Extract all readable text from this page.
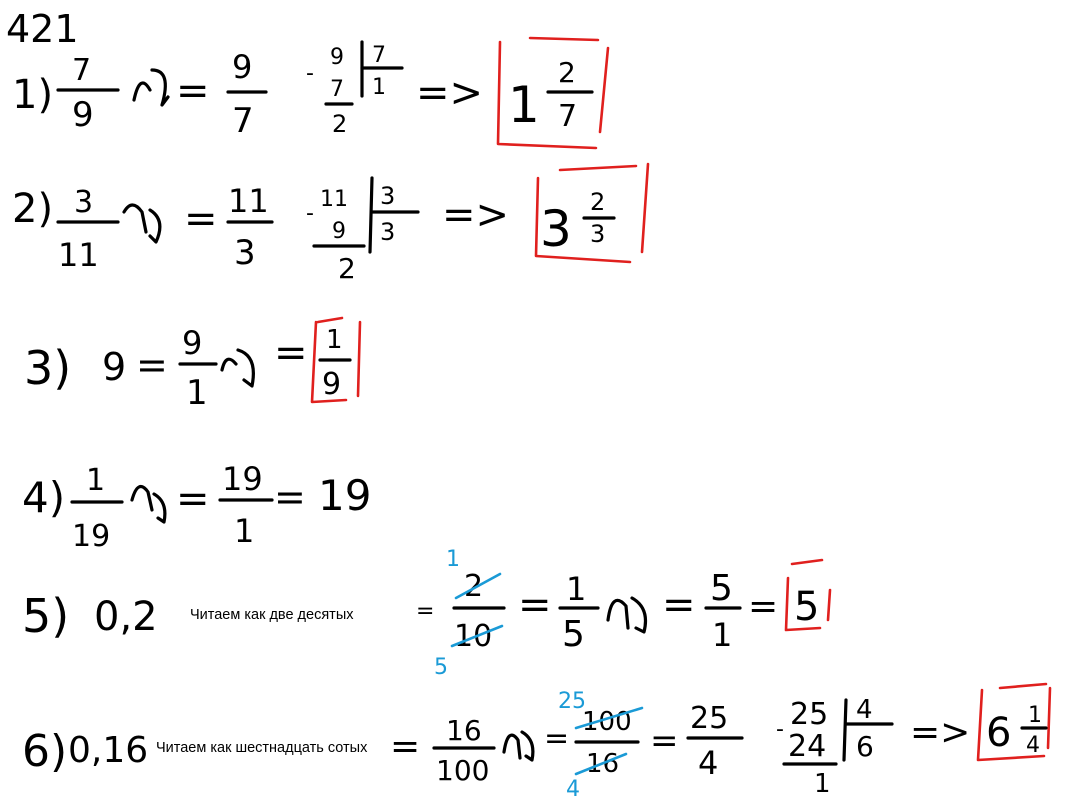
421
1)
7
9
=
9
7
-
9
7
2
7
1 => 1
2
7
2) 3
11
= 11
3
-
11
9
2
3
3 => 3 2
3
3) 9 = 9
1
= 1
9
4) 1
19
= 19
1
= 19
5) 0,2 Читаем как две десятых	=
2
10
1
5
= 1
5
= 5
1
= 5
6) 0,16 Читаем как шестнадцать сотых = 16
100
= 100
16
25
4
=
25
4
- 25
24
1
4
6 => 6 1
4
